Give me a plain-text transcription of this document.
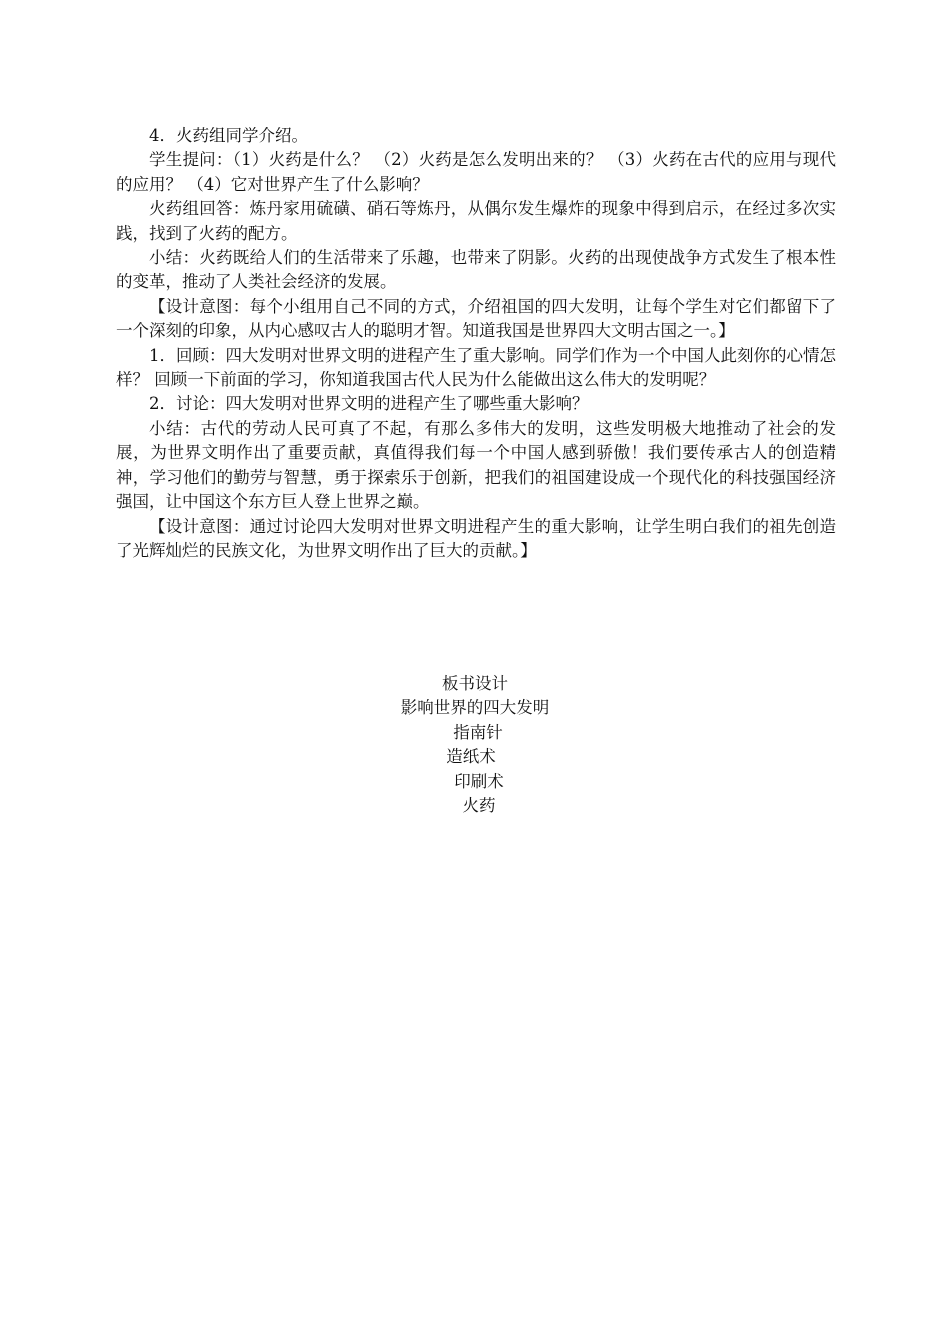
4．火药组同学介绍。

学生提问：（1）火药是什么？ （2）火药是怎么发明出来的？ （3）火药在古代的应用与现代的应用？ （4）它对世界产生了什么影响？

火药组回答：炼丹家用硫磺、硝石等炼丹，从偶尔发生爆炸的现象中得到启示，在经过多次实践，找到了火药的配方。

小结：火药既给人们的生活带来了乐趣，也带来了阴影。火药的出现使战争方式发生了根本性的变革，推动了人类社会经济的发展。

【设计意图：每个小组用自己不同的方式，介绍祖国的四大发明，让每个学生对它们都留下了一个深刻的印象，从内心感叹古人的聪明才智。知道我国是世界四大文明古国之一。】

1．回顾：四大发明对世界文明的进程产生了重大影响。同学们作为一个中国人此刻你的心情怎样？ 回顾一下前面的学习，你知道我国古代人民为什么能做出这么伟大的发明呢？

2．讨论：四大发明对世界文明的进程产生了哪些重大影响？

小结：古代的劳动人民可真了不起，有那么多伟大的发明，这些发明极大地推动了社会的发展，为世界文明作出了重要贡献，真值得我们每一个中国人感到骄傲！我们要传承古人的创造精神，学习他们的勤劳与智慧，勇于探索乐于创新，把我们的祖国建设成一个现代化的科技强国经济强国，让中国这个东方巨人登上世界之巅。

【设计意图：通过讨论四大发明对世界文明进程产生的重大影响，让学生明白我们的祖先创造了光辉灿烂的民族文化，为世界文明作出了巨大的贡献。】

板书设计

影响世界的四大发明

指南针

造纸术

印刷术

火药
